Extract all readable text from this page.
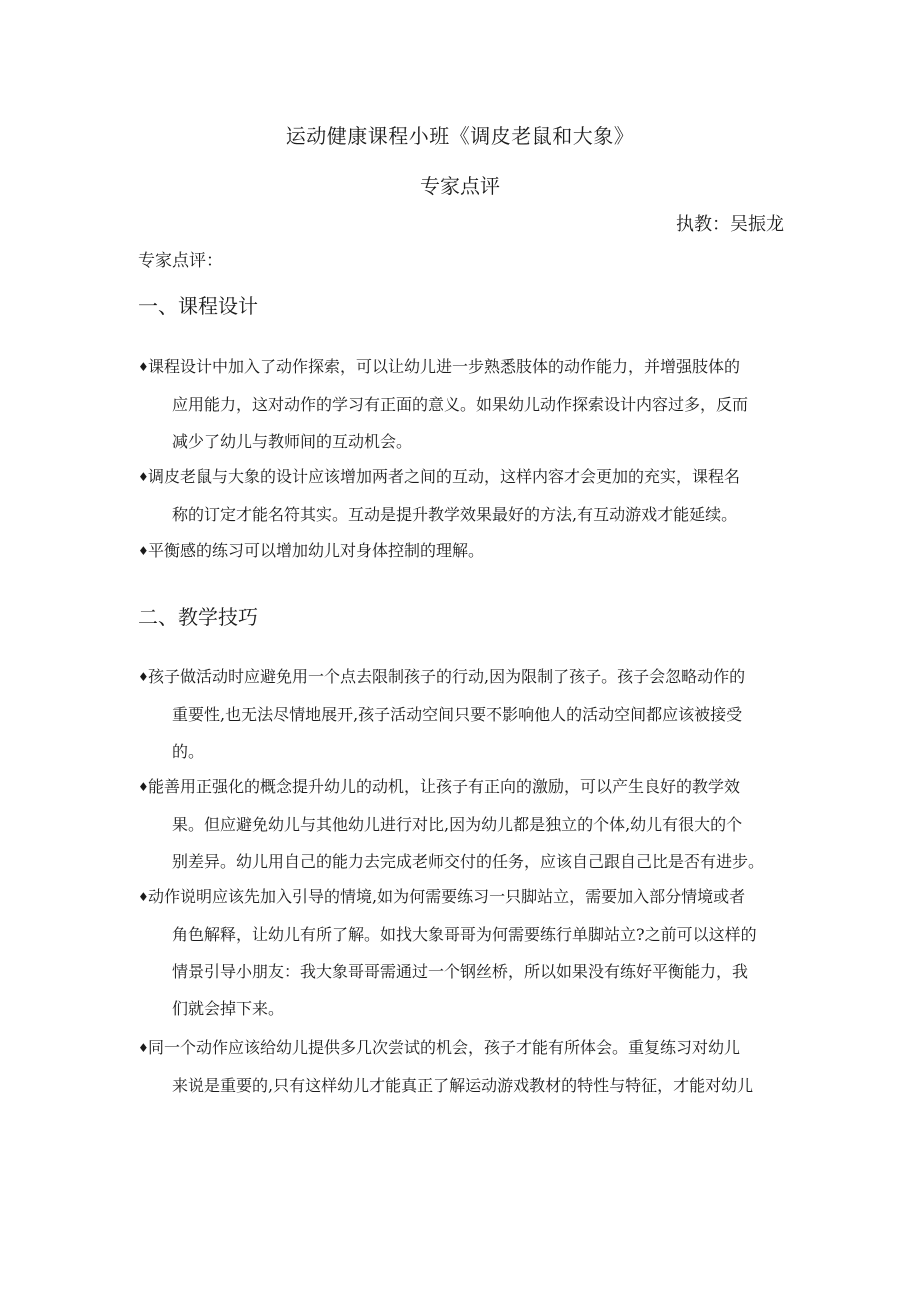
运动健康课程小班《调皮老鼠和大象》
专家点评
执教：吴振龙
专家点评：
一、课程设计
♦课程设计中加入了动作探索，可以让幼儿进一步熟悉肢体的动作能力，并增强肢体的
应用能力，这对动作的学习有正面的意义。如果幼儿动作探索设计内容过多，反而
减少了幼儿与教师间的互动机会。
♦调皮老鼠与大象的设计应该增加两者之间的互动，这样内容才会更加的充实，课程名
称的订定才能名符其实。互动是提升教学效果最好的方法,有互动游戏才能延续。
♦平衡感的练习可以增加幼儿对身体控制的理解。
二、教学技巧
♦孩子做活动时应避免用一个点去限制孩子的行动,因为限制了孩子。孩子会忽略动作的
重要性,也无法尽情地展开,孩子活动空间只要不影响他人的活动空间都应该被接受
的。
♦能善用正强化的概念提升幼儿的动机，让孩子有正向的激励，可以产生良好的教学效
果。但应避免幼儿与其他幼儿进行对比,因为幼儿都是独立的个体,幼儿有很大的个
别差异。幼儿用自己的能力去完成老师交付的任务，应该自己跟自己比是否有进步。
♦动作说明应该先加入引导的情境,如为何需要练习一只脚站立，需要加入部分情境或者
角色解释，让幼儿有所了解。如找大象哥哥为何需要练行单脚站立?之前可以这样的
情景引导小朋友：我大象哥哥需通过一个钢丝桥，所以如果没有练好平衡能力，我
们就会掉下来。
♦同一个动作应该给幼儿提供多几次尝试的机会，孩子才能有所体会。重复练习对幼儿
来说是重要的,只有这样幼儿才能真正了解运动游戏教材的特性与特征，才能对幼儿
